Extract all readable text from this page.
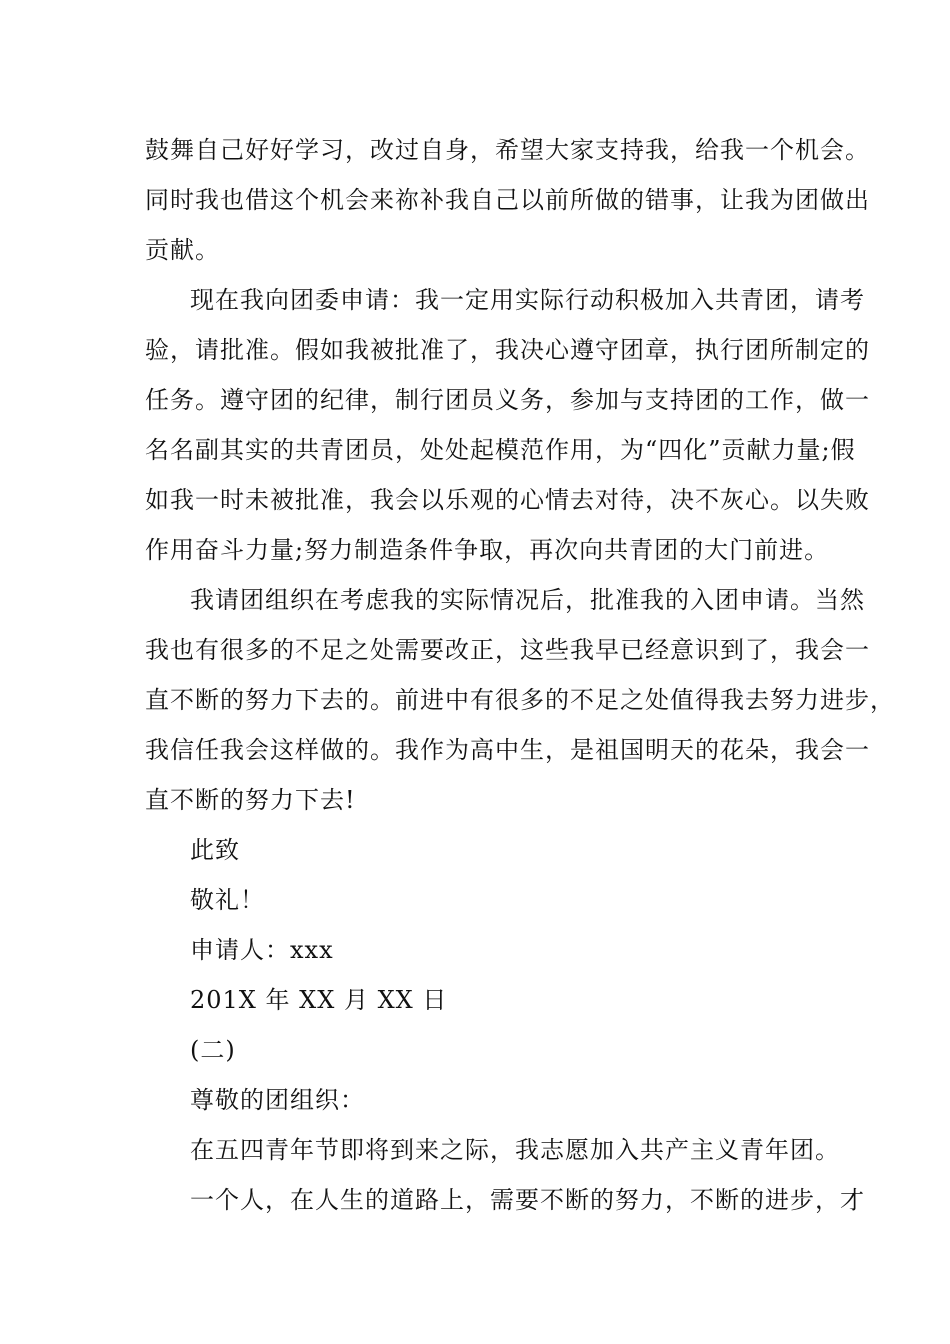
鼓舞自己好好学习，改过自身，希望大家支持我，给我一个机会。

同时我也借这个机会来祢补我自己以前所做的错事，让我为团做出

贡献。

现在我向团委申请：我一定用实际行动积极加入共青团，请考

验，请批准。假如我被批准了，我决心遵守团章，执行团所制定的

任务。遵守团的纪律，制行团员义务，参加与支持团的工作，做一

名名副其实的共青团员，处处起模范作用，为“四化”贡献力量;假

如我一时未被批准，我会以乐观的心情去对待，决不灰心。以失败

作用奋斗力量;努力制造条件争取，再次向共青团的大门前进。

我请团组织在考虑我的实际情况后，批准我的入团申请。当然

我也有很多的不足之处需要改正，这些我早已经意识到了，我会一

直不断的努力下去的。前进中有很多的不足之处值得我去努力进步，

我信任我会这样做的。我作为高中生，是祖国明天的花朵，我会一

直不断的努力下去!

此致

敬礼！

申请人：xxx

201X 年 XX 月 XX 日

(二)

尊敬的团组织：

在五四青年节即将到来之际，我志愿加入共产主义青年团。

一个人，在人生的道路上，需要不断的努力，不断的进步，才
